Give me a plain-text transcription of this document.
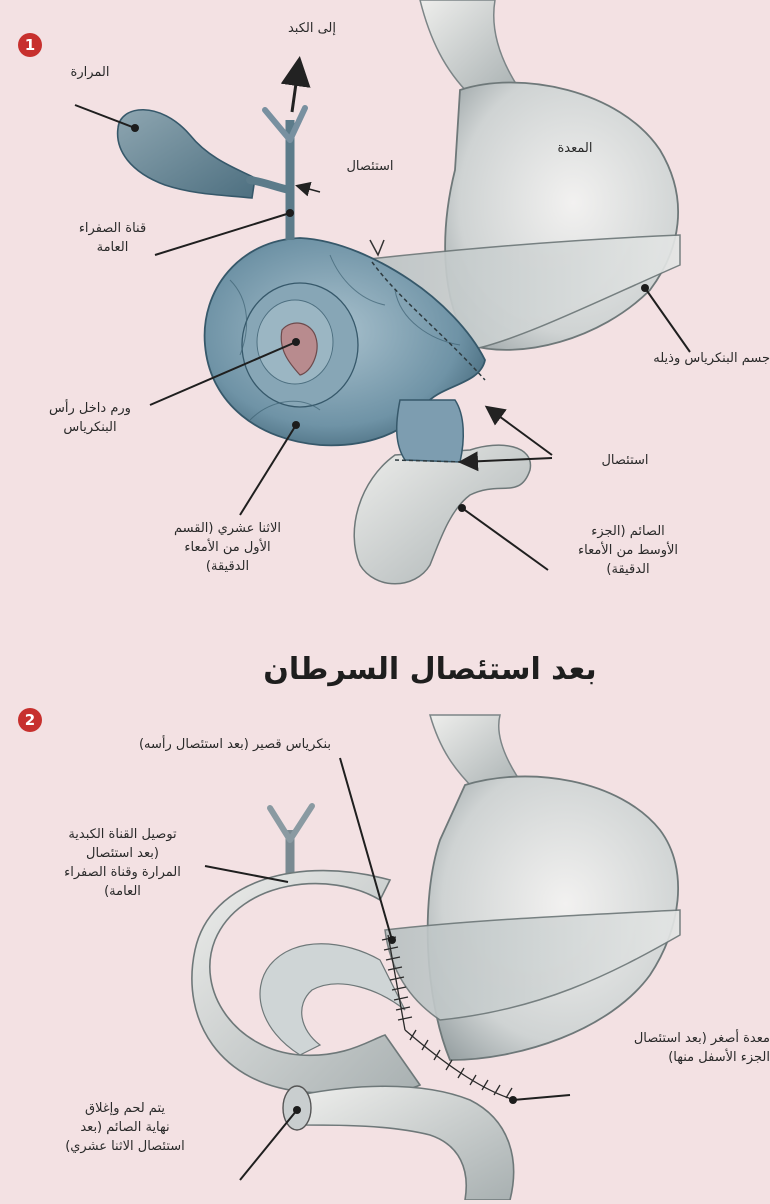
1
2
إلى الكبد
المرارة
استئصال
المعدة
قناة الصفراء
العامة
جسم البنكرياس وذيله
ورم داخل رأس
البنكرياس
استئصال
الاثنا عشري (القسم
الأول من الأمعاء
الدقيقة)
الصائم (الجزء
الأوسط من الأمعاء
الدقيقة)
بعد استئصال السرطان
بنكرياس قصير (بعد استئصال رأسه)
توصيل القناة الكبدية
(بعد استئصال
المرارة وقناة الصفراء
العامة)
معدة أصغر (بعد استئصال
الجزء الأسفل منها)
يتم لحم وإغلاق
نهاية الصائم (بعد
استئصال الاثنا عشري)
